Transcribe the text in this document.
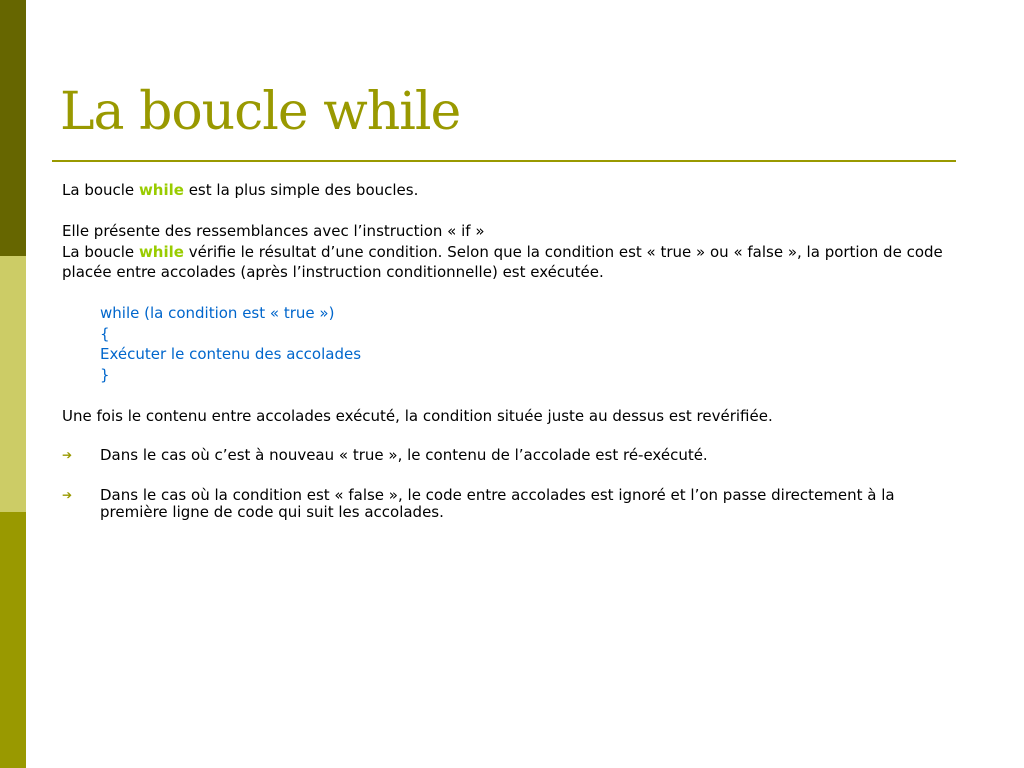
La boucle while

La boucle while est la plus simple des boucles.

Elle présente des ressemblances avec l’instruction « if »

La boucle while vérifie le résultat d’une condition. Selon que la condition est « true » ou « false », la portion de code placée entre accolades (après l’instruction conditionnelle) est exécutée.

while (la condition est « true »)

{

Exécuter le contenu des accolades

}

Une fois le contenu entre accolades exécuté, la condition située juste au dessus est revérifiée.

➔ Dans le cas où c’est à nouveau « true », le contenu de l’accolade est ré-exécuté.
➔ Dans le cas où la condition est « false », le code entre accolades est ignoré et l’on passe directement à la première ligne de code qui suit les accolades.
